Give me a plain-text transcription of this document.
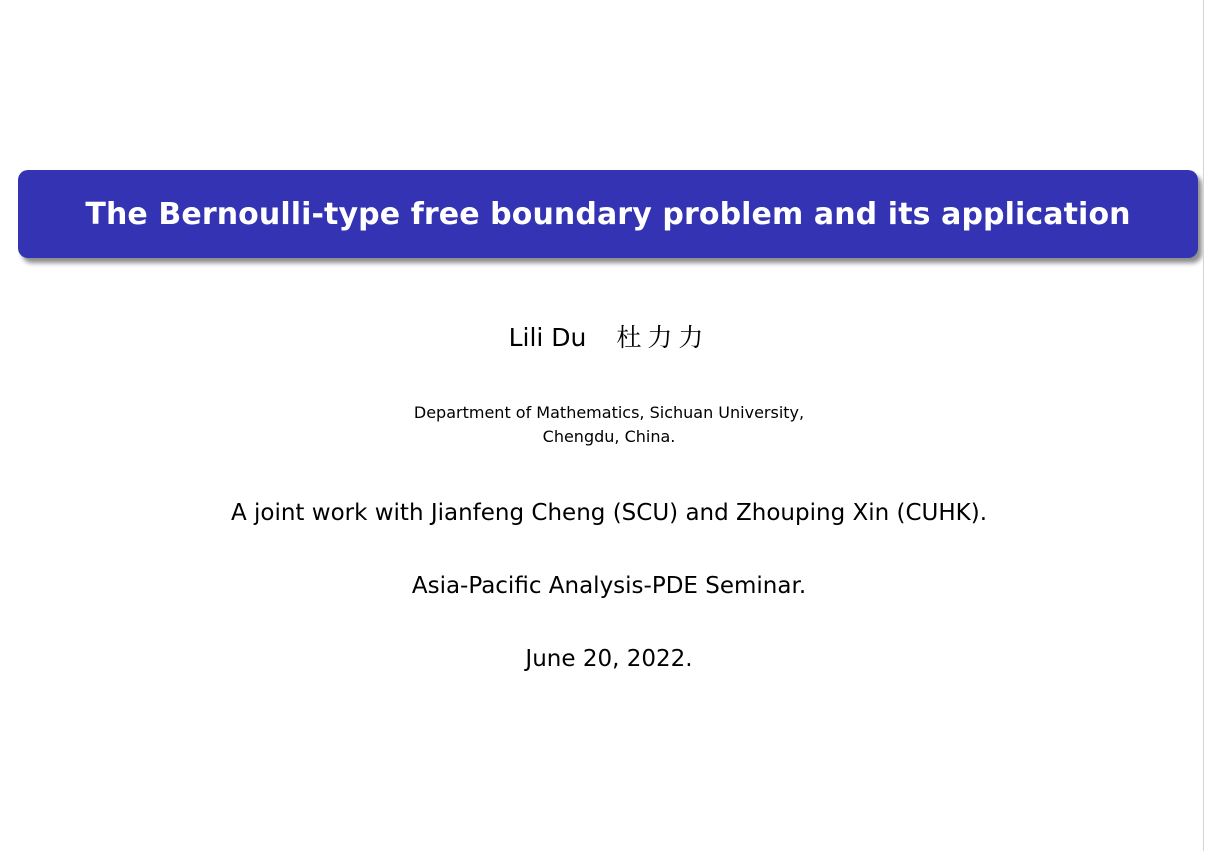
The Bernoulli-type free boundary problem and its application
Lili Du 杜力力
Department of Mathematics, Sichuan University,
Chengdu, China.
A joint work with Jianfeng Cheng (SCU) and Zhouping Xin (CUHK).
Asia-Pacific Analysis-PDE Seminar.
June 20, 2022.
